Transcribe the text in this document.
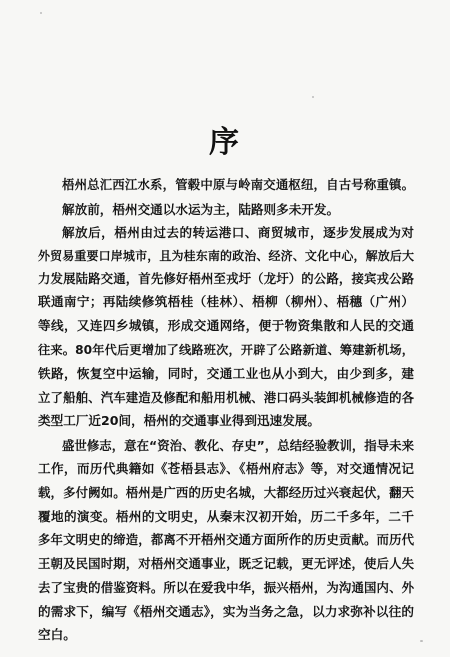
序
梧州总汇西江水系，管毂中原与岭南交通枢纽，自古号称重镇。
解放前，梧州交通以水运为主，陆路则多未开发。
解放后，梧州由过去的转运港口、商贸城市，逐步发展成为对
外贸易重要口岸城市，且为桂东南的政治、经济、文化中心，解放后大
力发展陆路交通，首先修好梧州至戎圩（龙圩）的公路，接宾戎公路
联通南宁；再陆续修筑梧桂（桂林）、梧柳（柳州）、梧穗（广州）
等线，又连四乡城镇，形成交通网络，便于物资集散和人民的交通
往来。80年代后更增加了线路班次，开辟了公路新道、筹建新机场，
铁路，恢复空中运输，同时，交通工业也从小到大，由少到多，建
立了船舶、汽车建造及修配和船用机械、港口码头装卸机械修造的各
类型工厂近20间，梧州的交通事业得到迅速发展。
盛世修志，意在“资治、教化、存史”，总结经验教训，指导未来
工作，而历代典籍如《苍梧县志》、《梧州府志》等，对交通情况记
载，多付阙如。梧州是广西的历史名城，大都经历过兴衰起伏，翻天
覆地的演变。梧州的文明史，从秦末汉初开始，历二千多年，二千
多年文明史的缔造，都离不开梧州交通方面所作的历史贡献。而历代
王朝及民国时期，对梧州交通事业，既乏记载，更无评述，使后人失
去了宝贵的借鉴资料。所以在爱我中华，振兴梧州，为沟通国内、外
的需求下，编写《梧州交通志》，实为当务之急，以力求弥补以往的
空白。
